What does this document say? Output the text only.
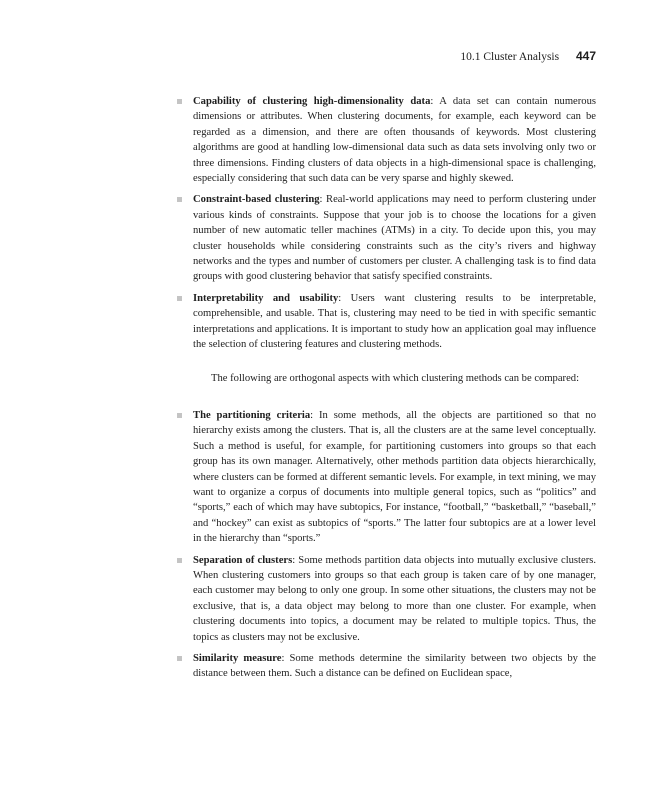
10.1 Cluster Analysis 447
Capability of clustering high-dimensionality data: A data set can contain numerous dimensions or attributes. When clustering documents, for example, each keyword can be regarded as a dimension, and there are often thousands of keywords. Most clustering algorithms are good at handling low-dimensional data such as data sets involving only two or three dimensions. Finding clusters of data objects in a high-dimensional space is challenging, especially considering that such data can be very sparse and highly skewed.
Constraint-based clustering: Real-world applications may need to perform clustering under various kinds of constraints. Suppose that your job is to choose the locations for a given number of new automatic teller machines (ATMs) in a city. To decide upon this, you may cluster households while considering constraints such as the city’s rivers and highway networks and the types and number of customers per cluster. A challenging task is to find data groups with good clustering behavior that satisfy specified constraints.
Interpretability and usability: Users want clustering results to be interpretable, comprehensible, and usable. That is, clustering may need to be tied in with specific semantic interpretations and applications. It is important to study how an application goal may influence the selection of clustering features and clustering methods.

The following are orthogonal aspects with which clustering methods can be compared:

The partitioning criteria: In some methods, all the objects are partitioned so that no hierarchy exists among the clusters. That is, all the clusters are at the same level conceptually. Such a method is useful, for example, for partitioning customers into groups so that each group has its own manager. Alternatively, other methods partition data objects hierarchically, where clusters can be formed at different semantic levels. For example, in text mining, we may want to organize a corpus of documents into multiple general topics, such as “politics” and “sports,” each of which may have subtopics, For instance, “football,” “basketball,” “baseball,” and “hockey” can exist as subtopics of “sports.” The latter four subtopics are at a lower level in the hierarchy than “sports.”
Separation of clusters: Some methods partition data objects into mutually exclusive clusters. When clustering customers into groups so that each group is taken care of by one manager, each customer may belong to only one group. In some other situations, the clusters may not be exclusive, that is, a data object may belong to more than one cluster. For example, when clustering documents into topics, a document may be related to multiple topics. Thus, the topics as clusters may not be exclusive.
Similarity measure: Some methods determine the similarity between two objects by the distance between them. Such a distance can be defined on Euclidean space,
